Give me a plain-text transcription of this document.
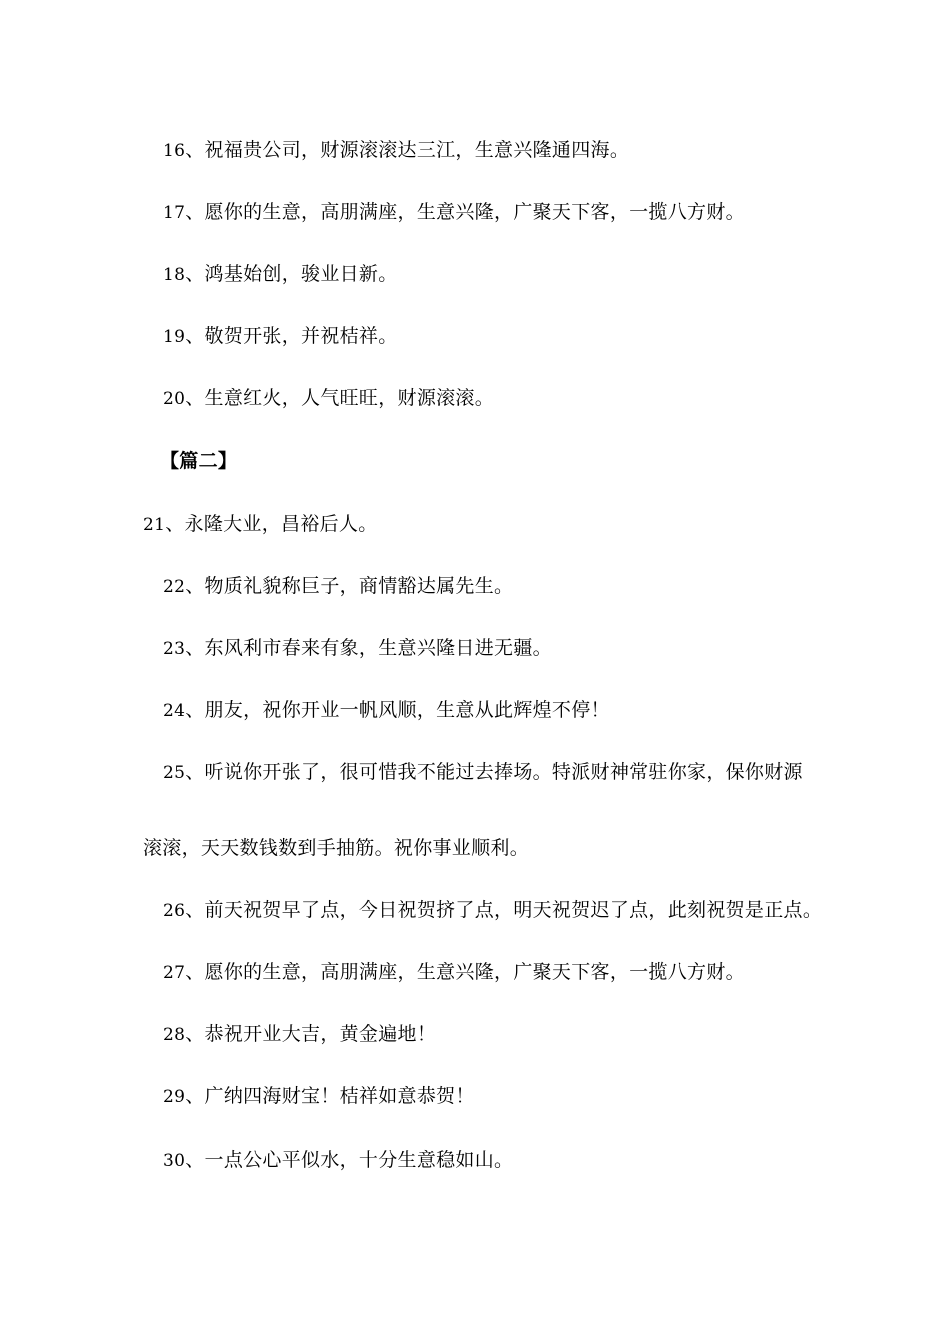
16、祝福贵公司，财源滚滚达三江，生意兴隆通四海。
17、愿你的生意，高朋满座，生意兴隆，广聚天下客，一揽八方财。
18、鸿基始创，骏业日新。
19、敬贺开张，并祝桔祥。
20、生意红火，人气旺旺，财源滚滚。
【篇二】
21、永隆大业，昌裕后人。
22、物质礼貌称巨子，商情豁达属先生。
23、东风利市春来有象，生意兴隆日进无疆。
24、朋友，祝你开业一帆风顺，生意从此辉煌不停！
25、听说你开张了，很可惜我不能过去捧场。特派财神常驻你家，保你财源
滚滚，天天数钱数到手抽筋。祝你事业顺利。
26、前天祝贺早了点，今日祝贺挤了点，明天祝贺迟了点，此刻祝贺是正点。
27、愿你的生意，高朋满座，生意兴隆，广聚天下客，一揽八方财。
28、恭祝开业大吉，黄金遍地！
29、广纳四海财宝！桔祥如意恭贺！
30、一点公心平似水，十分生意稳如山。
